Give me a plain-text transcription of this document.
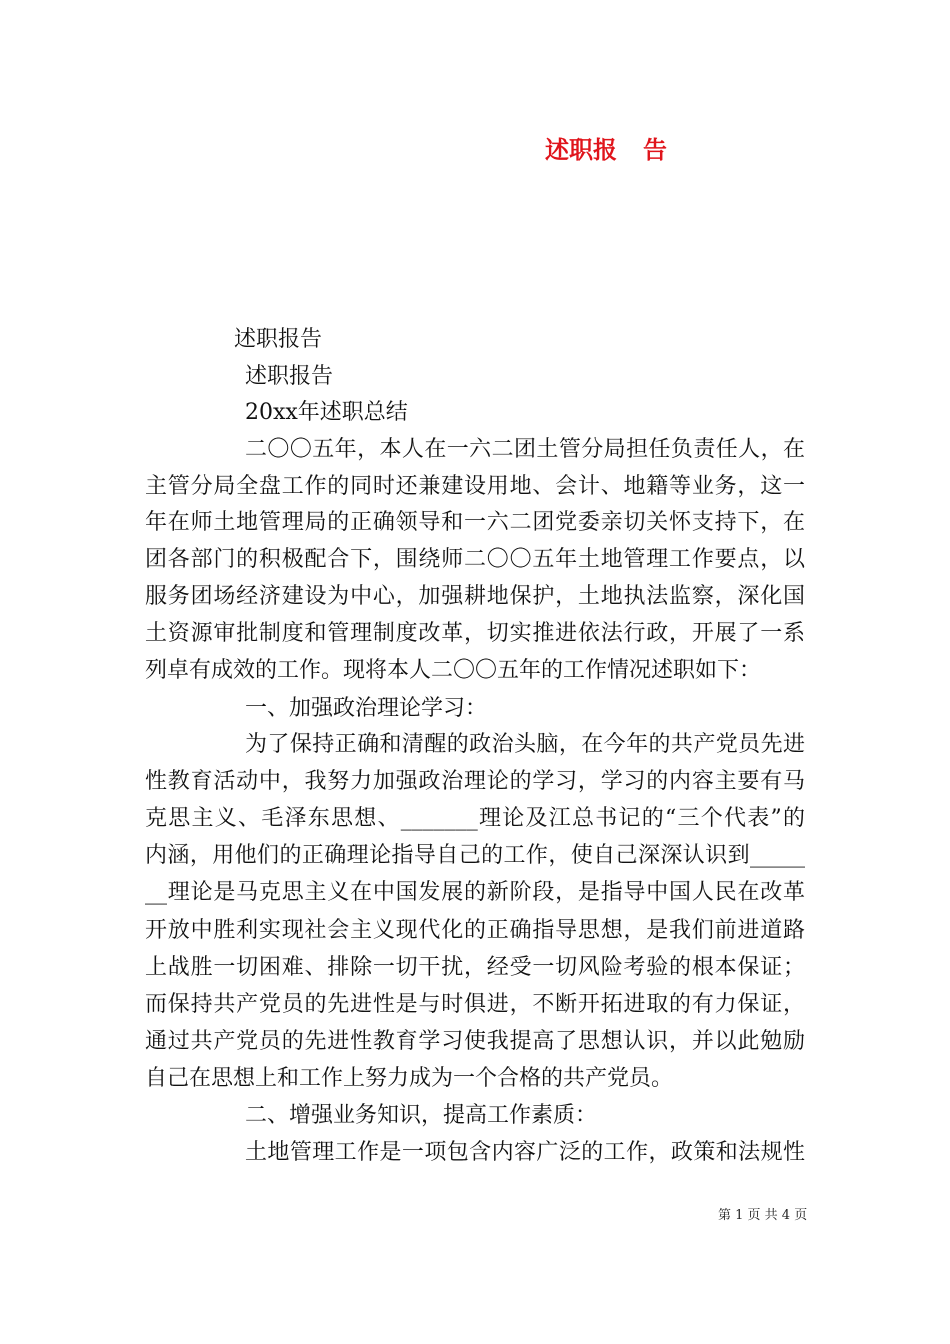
述职报 告
述职报告
述职报告
20xx年述职总结
二〇〇五年，本人在一六二团土管分局担任负责任人，在
主管分局全盘工作的同时还兼建设用地、会计、地籍等业务，这一
年在师土地管理局的正确领导和一六二团党委亲切关怀支持下，在
团各部门的积极配合下，围绕师二〇〇五年土地管理工作要点，以
服务团场经济建设为中心，加强耕地保护，土地执法监察，深化国
土资源审批制度和管理制度改革，切实推进依法行政，开展了一系
列卓有成效的工作。现将本人二〇〇五年的工作情况述职如下：
一、加强政治理论学习：
为了保持正确和清醒的政治头脑，在今年的共产党员先进
性教育活动中，我努力加强政治理论的学习，学习的内容主要有马
克思主义、毛泽东思想、_______理论及江总书记的“三个代表”的
内涵，用他们的正确理论指导自己的工作，使自己深深认识到_____
__理论是马克思主义在中国发展的新阶段，是指导中国人民在改革
开放中胜利实现社会主义现代化的正确指导思想，是我们前进道路
上战胜一切困难、排除一切干扰，经受一切风险考验的根本保证；
而保持共产党员的先进性是与时俱进，不断开拓进取的有力保证，
通过共产党员的先进性教育学习使我提高了思想认识，并以此勉励
自己在思想上和工作上努力成为一个合格的共产党员。
二、增强业务知识，提高工作素质：
土地管理工作是一项包含内容广泛的工作，政策和法规性
第 1 页 共 4 页
